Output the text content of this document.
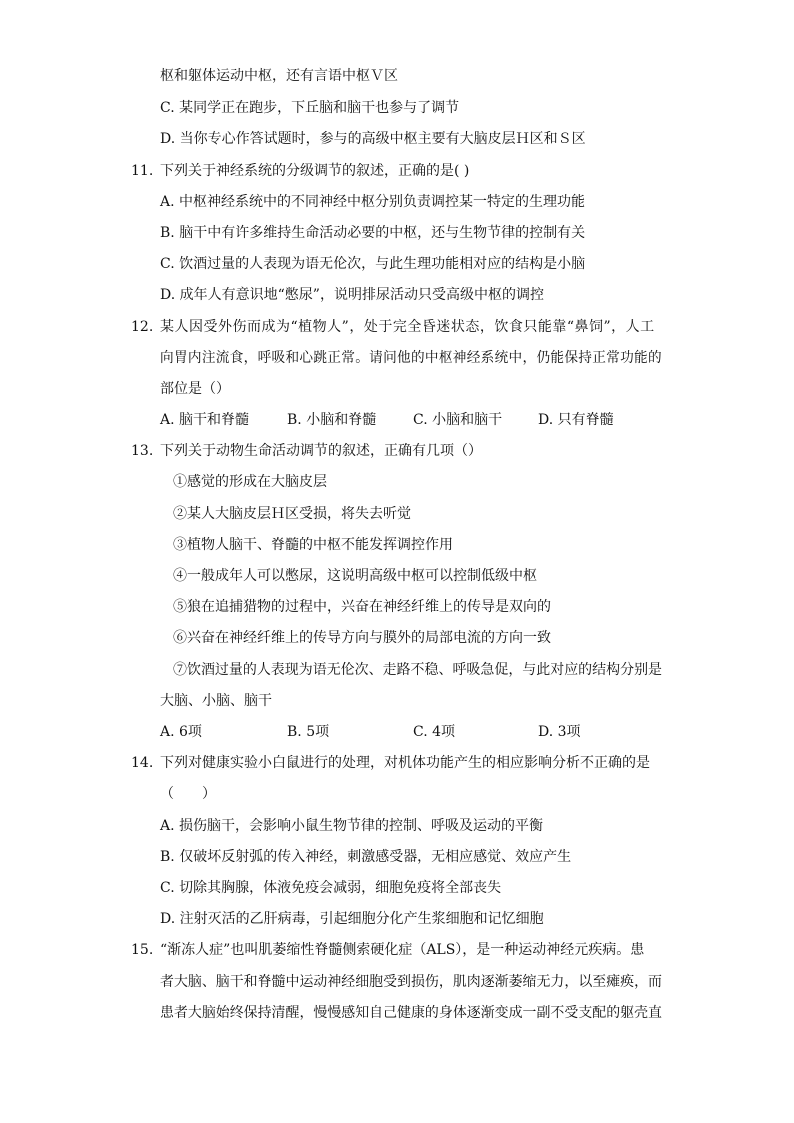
枢和躯体运动中枢，还有言语中枢Ｖ区
C. 某同学正在跑步，下丘脑和脑干也参与了调节
D. 当你专心作答试题时，参与的高级中枢主要有大脑皮层Ｈ区和Ｓ区
11. 下列关于神经系统的分级调节的叙述，正确的是( )
A. 中枢神经系统中的不同神经中枢分别负责调控某一特定的生理功能
B. 脑干中有许多维持生命活动必要的中枢，还与生物节律的控制有关
C. 饮酒过量的人表现为语无伦次，与此生理功能相对应的结构是小脑
D. 成年人有意识地“憋尿”，说明排尿活动只受高级中枢的调控
12. 某人因受外伤而成为“植物人”，处于完全昏迷状态，饮食只能靠“鼻饲”，人工
向胃内注流食，呼吸和心跳正常。请问他的中枢神经系统中，仍能保持正常功能的
部位是（）
A. 脑干和脊髓	B. 小脑和脊髓	C. 小脑和脑干	D. 只有脊髓
13. 下列关于动物生命活动调节的叙述，正确有几项（）
①感觉的形成在大脑皮层
②某人大脑皮层Ｈ区受损，将失去听觉
③植物人脑干、脊髓的中枢不能发挥调控作用
④一般成年人可以憋尿，这说明高级中枢可以控制低级中枢
⑤狼在追捕猎物的过程中，兴奋在神经纤维上的传导是双向的
⑥兴奋在神经纤维上的传导方向与膜外的局部电流的方向一致
⑦饮酒过量的人表现为语无伦次、走路不稳、呼吸急促，与此对应的结构分别是
大脑、小脑、脑干
A. 6项	B. 5项	C. 4项	D. 3项
14. 下列对健康实验小白鼠进行的处理，对机体功能产生的相应影响分析不正确的是
（　　）
A. 损伤脑干，会影响小鼠生物节律的控制、呼吸及运动的平衡
B. 仅破坏反射弧的传入神经，刺激感受器，无相应感觉、效应产生
C. 切除其胸腺，体液免疫会减弱，细胞免疫将全部丧失
D. 注射灭活的乙肝病毒，引起细胞分化产生浆细胞和记忆细胞
15. “渐冻人症”也叫肌萎缩性脊髓侧索硬化症（ALS），是一种运动神经元疾病。患
者大脑、脑干和脊髓中运动神经细胞受到损伤，肌肉逐渐萎缩无力，以至瘫痪，而
患者大脑始终保持清醒，慢慢感知自己健康的身体逐渐变成一副不受支配的躯壳直
